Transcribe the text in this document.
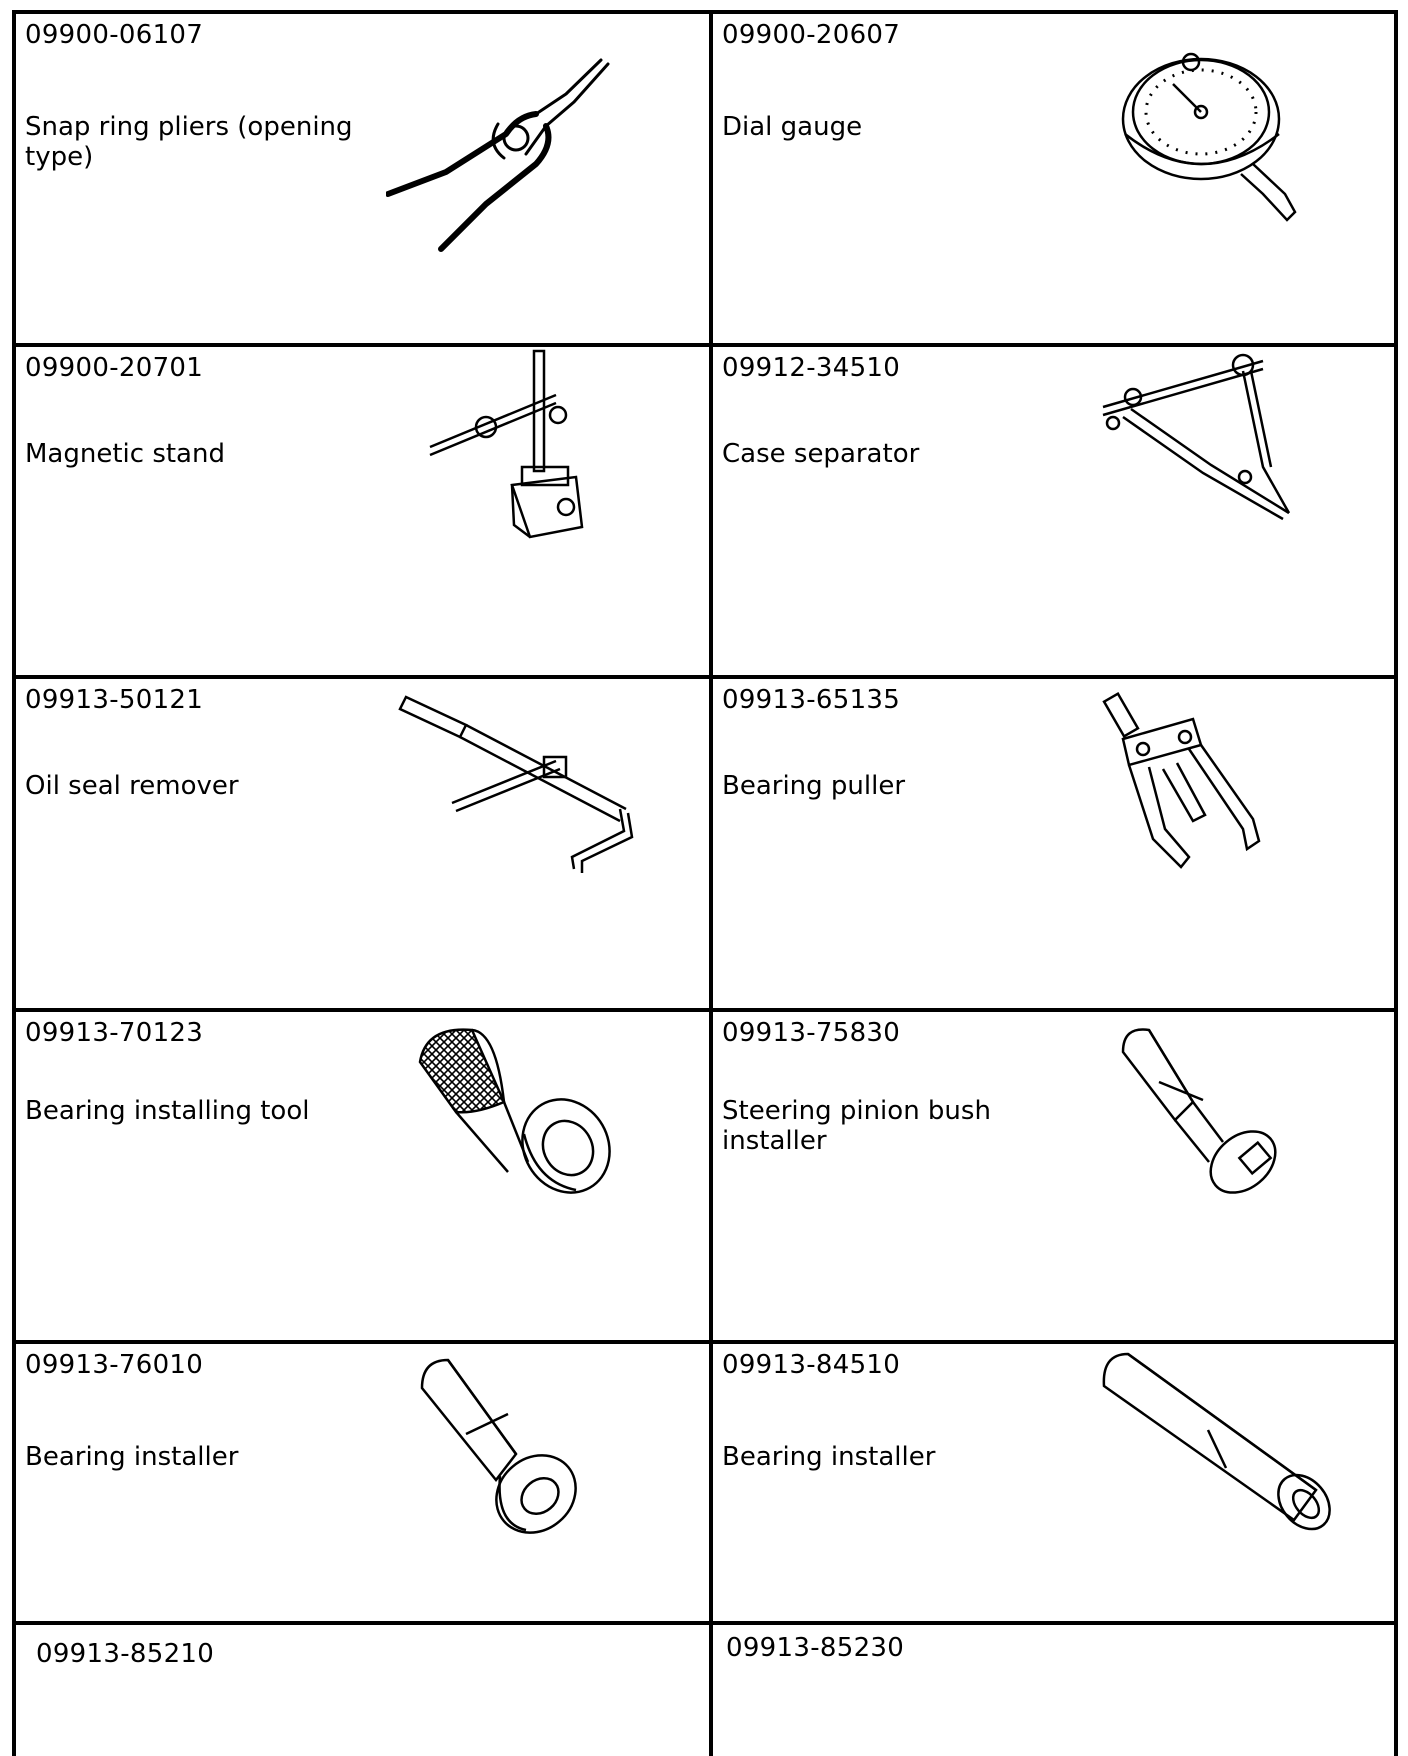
09900-06107
Snap ring pliers (opening type)
09900-20607
Dial gauge
09900-20701
Magnetic stand
09912-34510
Case separator
09913-50121
Oil seal remover
09913-65135
Bearing puller
09913-70123
Bearing installing tool
09913-75830
Steering pinion bush installer
09913-76010
Bearing installer
09913-84510
Bearing installer
09913-85210	09913-85230
